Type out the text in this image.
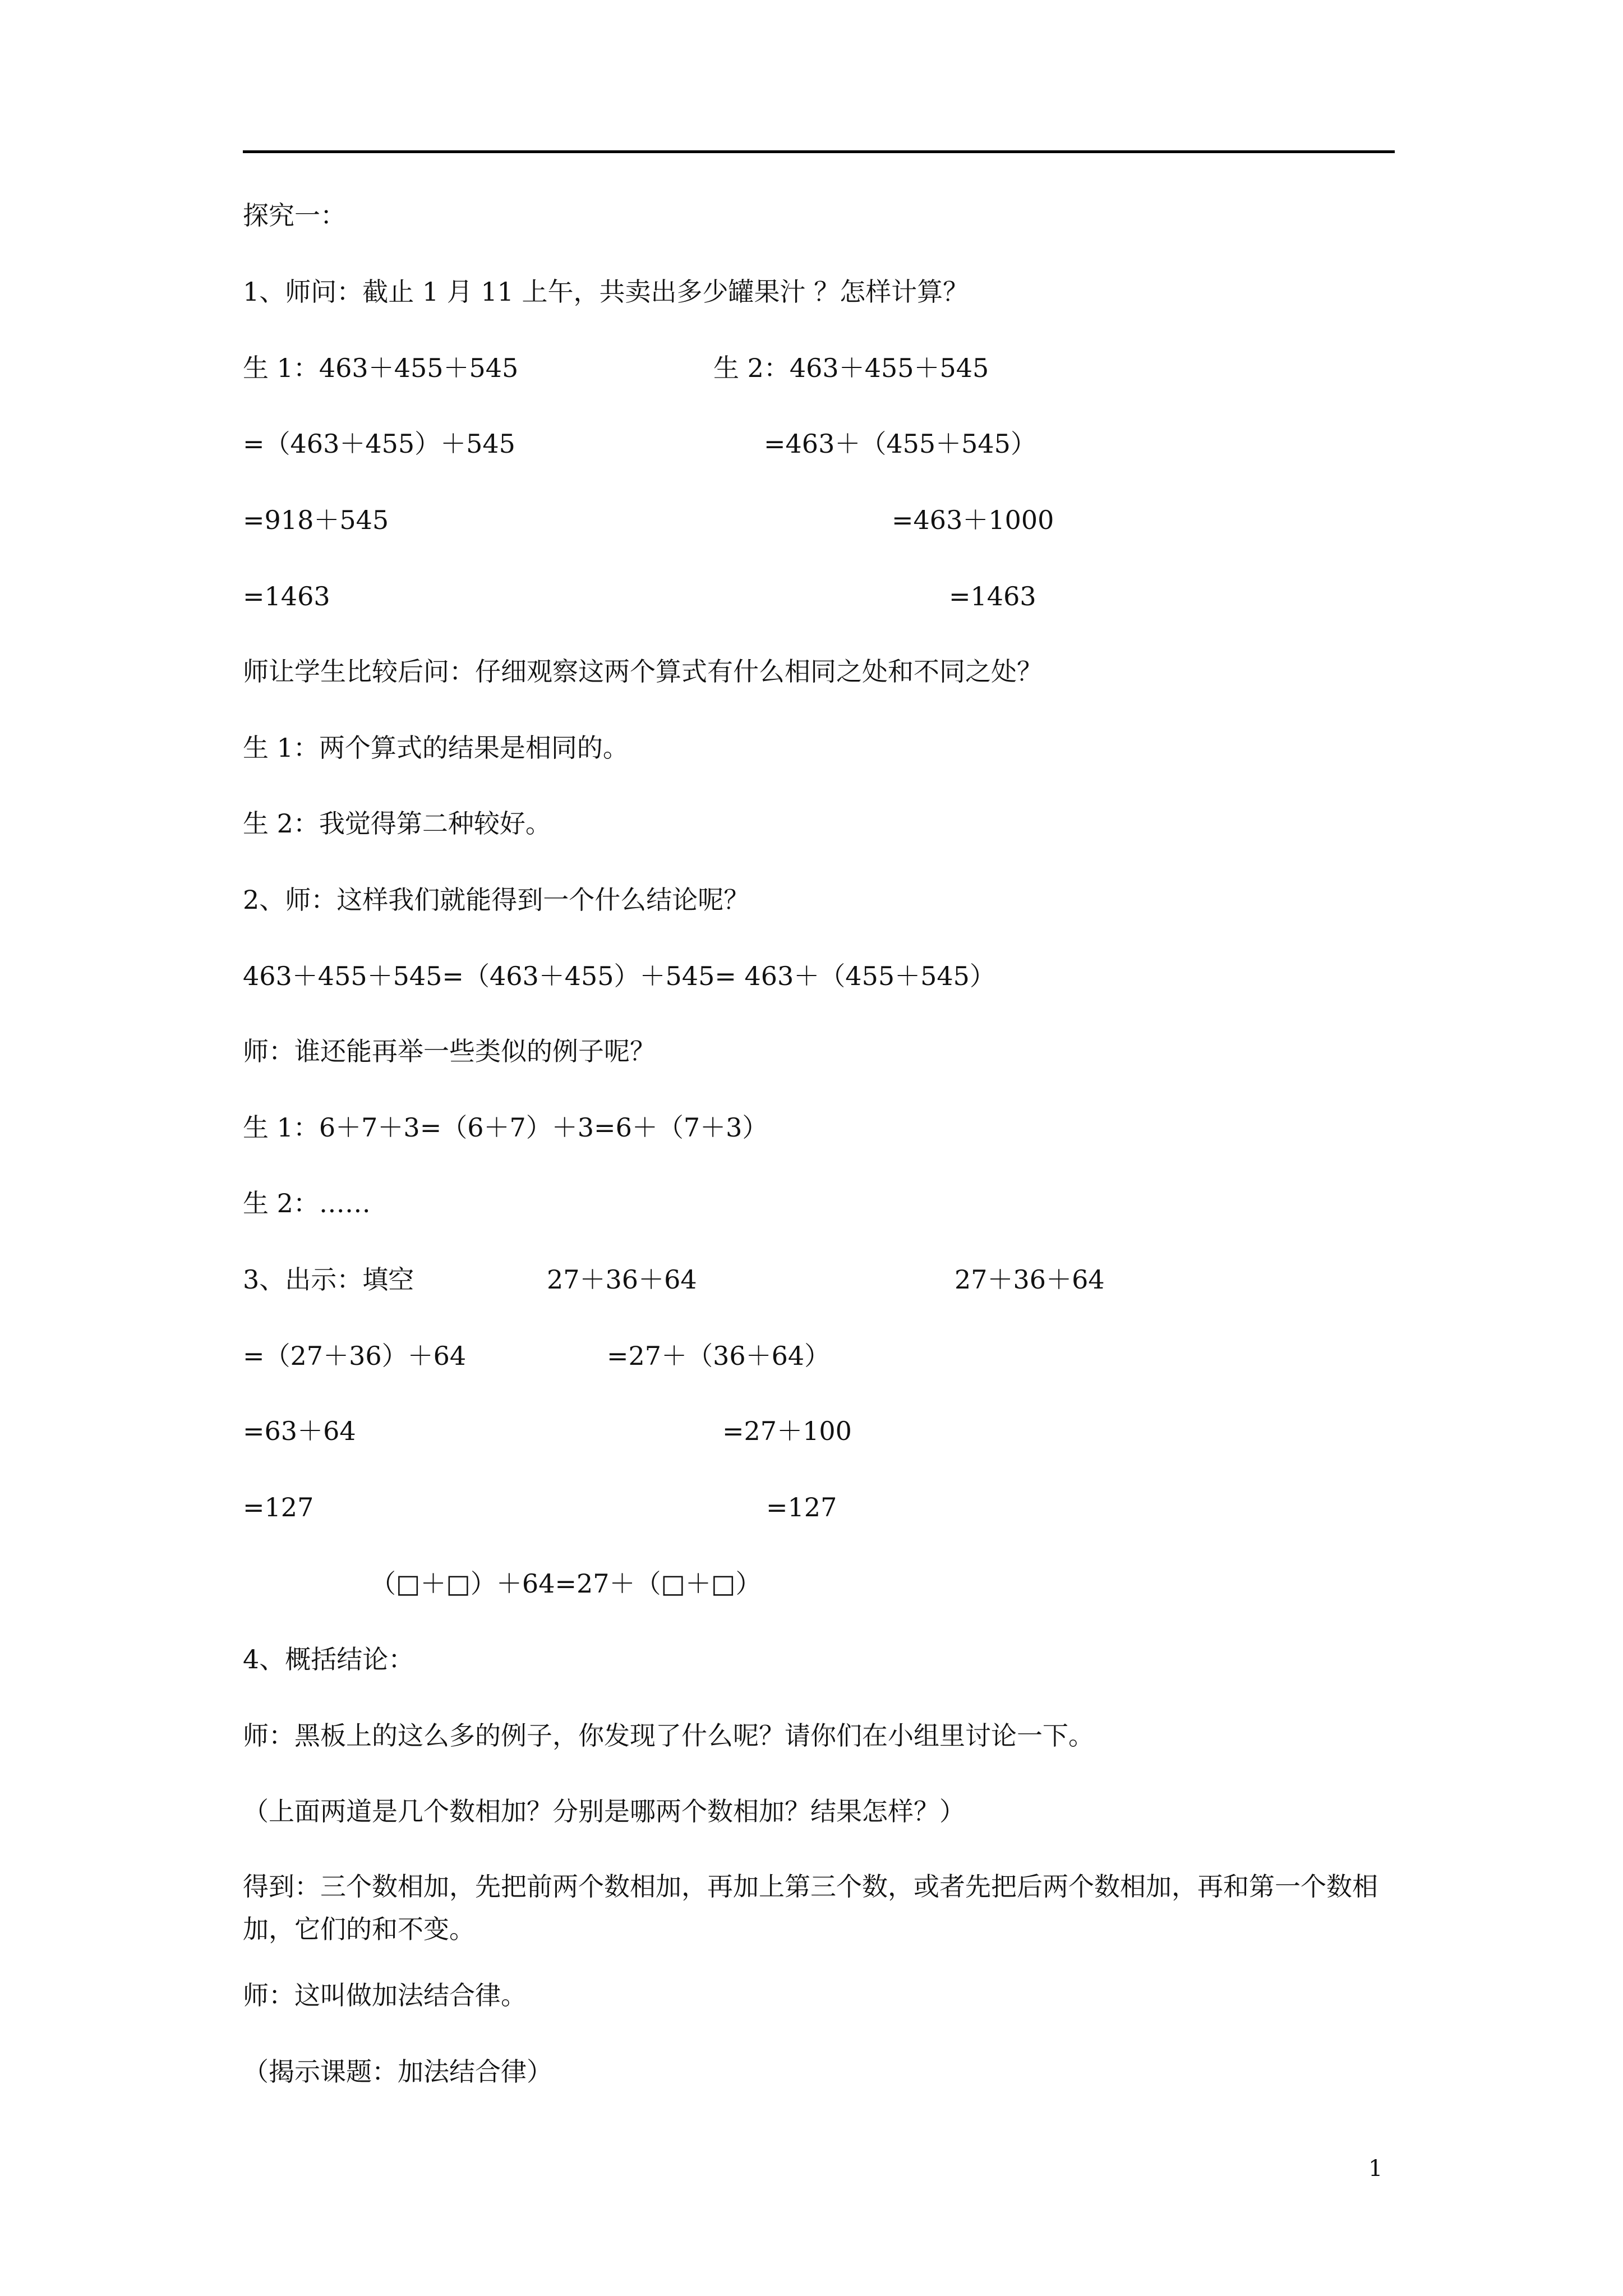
探究一：
1、师问：截止 1 月 11 上午，共卖出多少罐果汁 ？怎样计算？
生 1：463＋455＋545	生 2：463＋455＋545
=（463＋455）＋545	=463＋（455＋545）
=918＋545	=463＋1000
=1463	=1463
师让学生比较后问：仔细观察这两个算式有什么相同之处和不同之处？
生 1：两个算式的结果是相同的。
生 2：我觉得第二种较好。
2、师：这样我们就能得到一个什么结论呢？
463＋455＋545=（463＋455）＋545= 463＋（455＋545）
师：谁还能再举一些类似的例子呢？
生 1：6＋7＋3=（6＋7）＋3=6＋（7＋3）
生 2：……
3、出示：填空	27＋36＋64	27＋36＋64
=（27＋36）＋64	=27＋（36＋64）
=63＋64	=27＋100
=127	=127
（□＋□）＋64=27＋（□＋□）
4、概括结论：
师：黑板上的这么多的例子，你发现了什么呢？请你们在小组里讨论一下。
（上面两道是几个数相加？分别是哪两个数相加？结果怎样？）
得到：三个数相加，先把前两个数相加，再加上第三个数，或者先把后两个数相加，再和第一个数相加，它们的和不变。
师：这叫做加法结合律。
（揭示课题：加法结合律）
1
